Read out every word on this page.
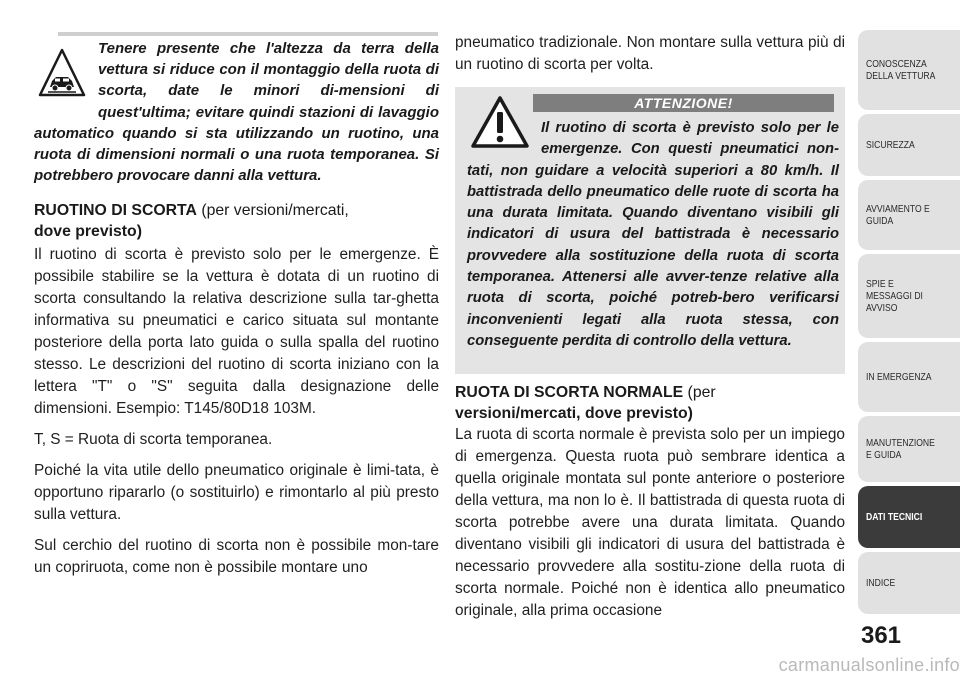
Tenere presente che l'altezza da terra della vettura si riduce con il montaggio della ruota di scorta, date le minori di-mensioni di quest'ultima; evitare quindi stazioni di lavaggio automatico quando si sta utilizzando un ruotino, una ruota di dimensioni normali o una ruota temporanea. Si potrebbero provocare danni alla vettura.

RUOTINO DI SCORTA (per versioni/mercati,
dove previsto)

Il ruotino di scorta è previsto solo per le emergenze. È possibile stabilire se la vettura è dotata di un ruotino di scorta consultando la relativa descrizione sulla tar-ghetta informativa su pneumatici e carico situata sul montante posteriore della porta lato guida o sulla spalla del ruotino stesso. Le descrizioni del ruotino di scorta iniziano con la lettera "T" o "S" seguita dalla designazione delle dimensioni. Esempio: T145/80D18 103M.

T, S = Ruota di scorta temporanea.

Poiché la vita utile dello pneumatico originale è limi-tata, è opportuno ripararlo (o sostituirlo) e rimontarlo al più presto sulla vettura.

Sul cerchio del ruotino di scorta non è possibile mon-tare un copriruota, come non è possibile montare uno

pneumatico tradizionale. Non montare sulla vettura più di un ruotino di scorta per volta.

ATTENZIONE!

Il ruotino di scorta è previsto solo per le emergenze. Con questi pneumatici non-tati, non guidare a velocità superiori a 80 km/h. Il battistrada dello pneumatico delle ruote di scorta ha una durata limitata. Quando diventano visibili gli indicatori di usura del battistrada è necessario provvedere alla sostituzione della ruota di scorta temporanea. Attenersi alle avver-tenze relative alla ruota di scorta, poiché potreb-bero verificarsi inconvenienti legati alla ruota stessa, con conseguente perdita di controllo della vettura.

RUOTA DI SCORTA NORMALE (per
versioni/mercati, dove previsto)

La ruota di scorta normale è prevista solo per un impiego di emergenza. Questa ruota può sembrare identica a quella originale montata sul ponte anteriore o posteriore della vettura, ma non lo è. Il battistrada di questa ruota di scorta potrebbe avere una durata limitata. Quando diventano visibili gli indicatori di usura del battistrada è necessario provvedere alla sostitu-zione della ruota di scorta normale. Poiché non è identica allo pneumatico originale, alla prima occasione

CONOSCENZA DELLA VETTURA
SICUREZZA
AVVIAMENTO E GUIDA
SPIE E MESSAGGI DI AVVISO
IN EMERGENZA
MANUTENZIONE E GUIDA
DATI TECNICI
INDICE
361
carmanualsonline.info
